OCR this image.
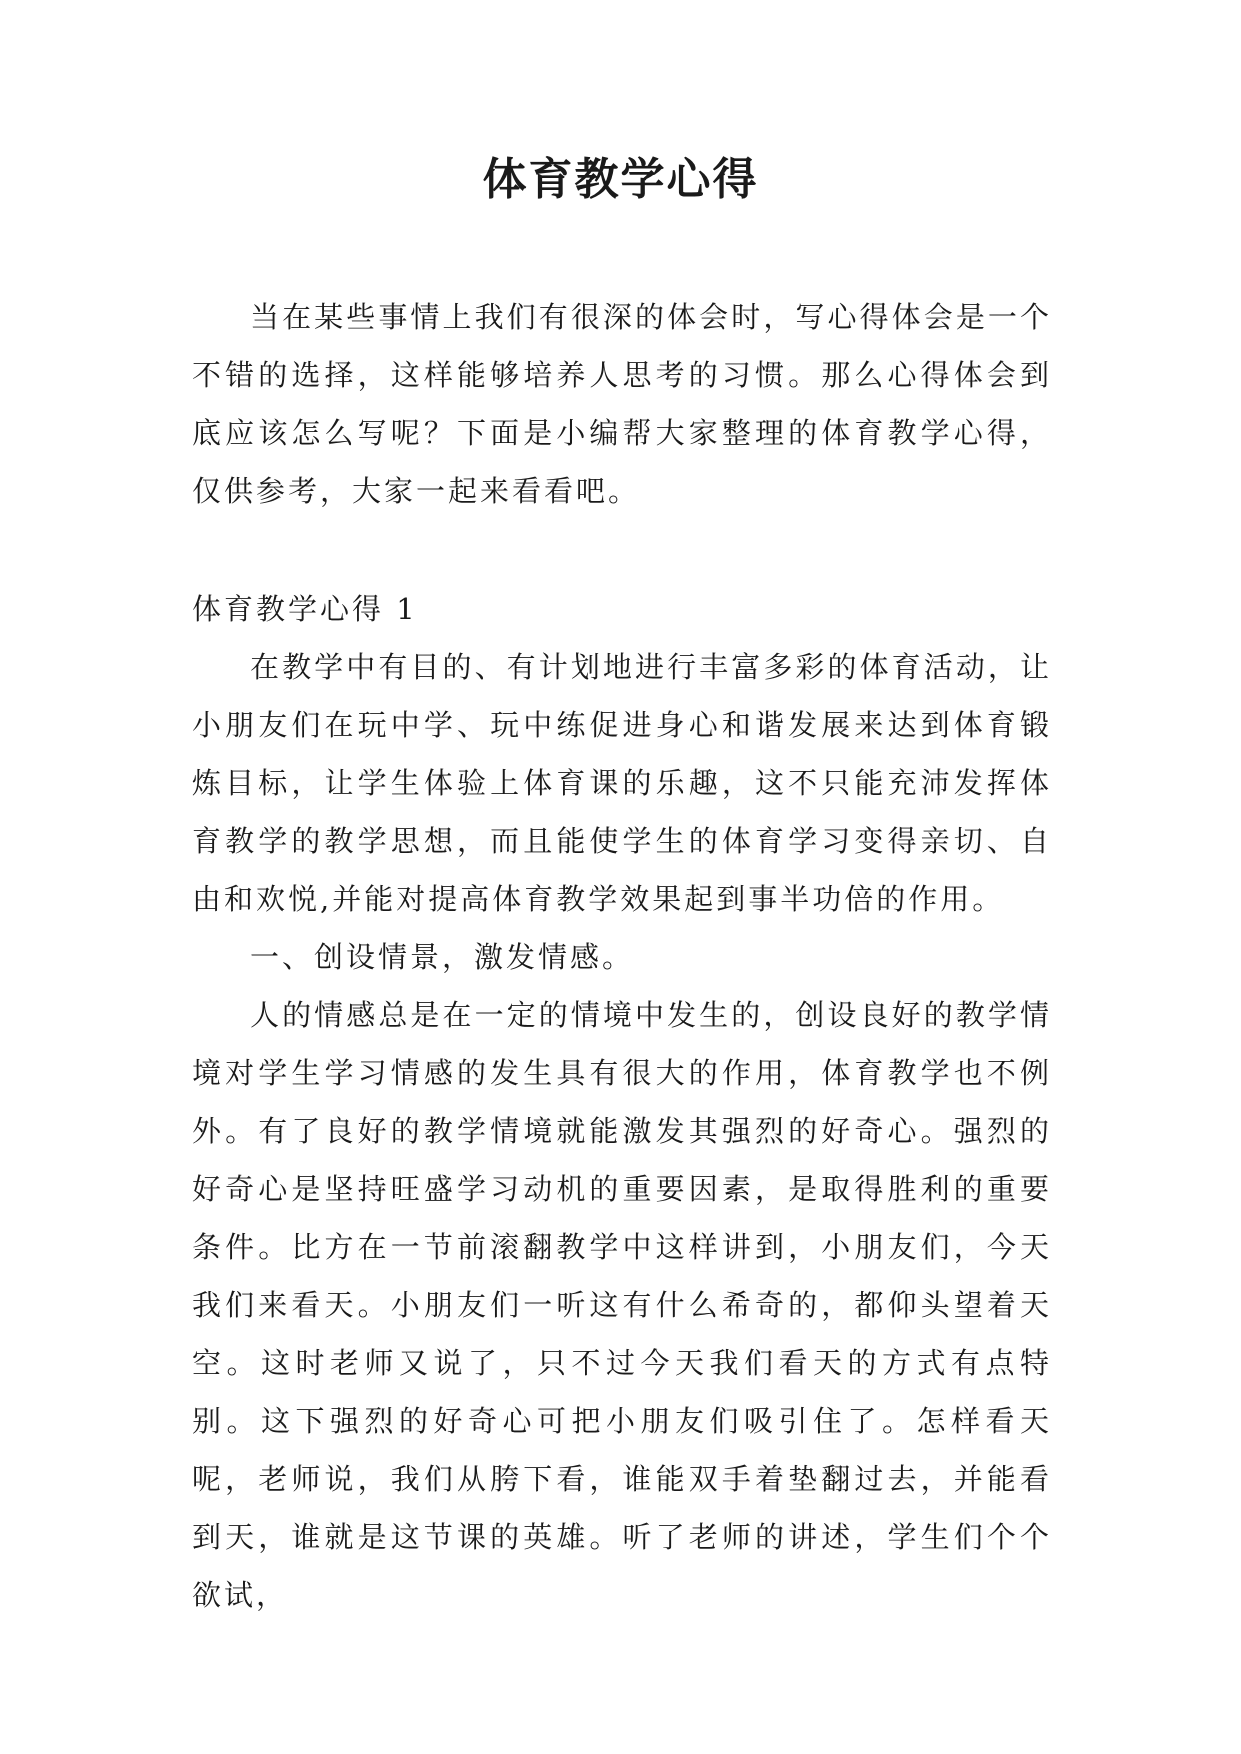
体育教学心得

当在某些事情上我们有很深的体会时，写心得体会是一个不错的选择，这样能够培养人思考的习惯。那么心得体会到底应该怎么写呢？下面是小编帮大家整理的体育教学心得，仅供参考，大家一起来看看吧。

体育教学心得 1

在教学中有目的、有计划地进行丰富多彩的体育活动，让小朋友们在玩中学、玩中练促进身心和谐发展来达到体育锻炼目标，让学生体验上体育课的乐趣，这不只能充沛发挥体育教学的教学思想，而且能使学生的体育学习变得亲切、自由和欢悦,并能对提高体育教学效果起到事半功倍的作用。

一、创设情景，激发情感。

人的情感总是在一定的情境中发生的，创设良好的教学情境对学生学习情感的发生具有很大的作用，体育教学也不例外。有了良好的教学情境就能激发其强烈的好奇心。强烈的好奇心是坚持旺盛学习动机的重要因素，是取得胜利的重要条件。比方在一节前滚翻教学中这样讲到，小朋友们，今天我们来看天。小朋友们一听这有什么希奇的，都仰头望着天空。这时老师又说了，只不过今天我们看天的方式有点特别。这下强烈的好奇心可把小朋友们吸引住了。怎样看天呢，老师说，我们从胯下看，谁能双手着垫翻过去，并能看到天，谁就是这节课的英雄。听了老师的讲述，学生们个个欲试，
